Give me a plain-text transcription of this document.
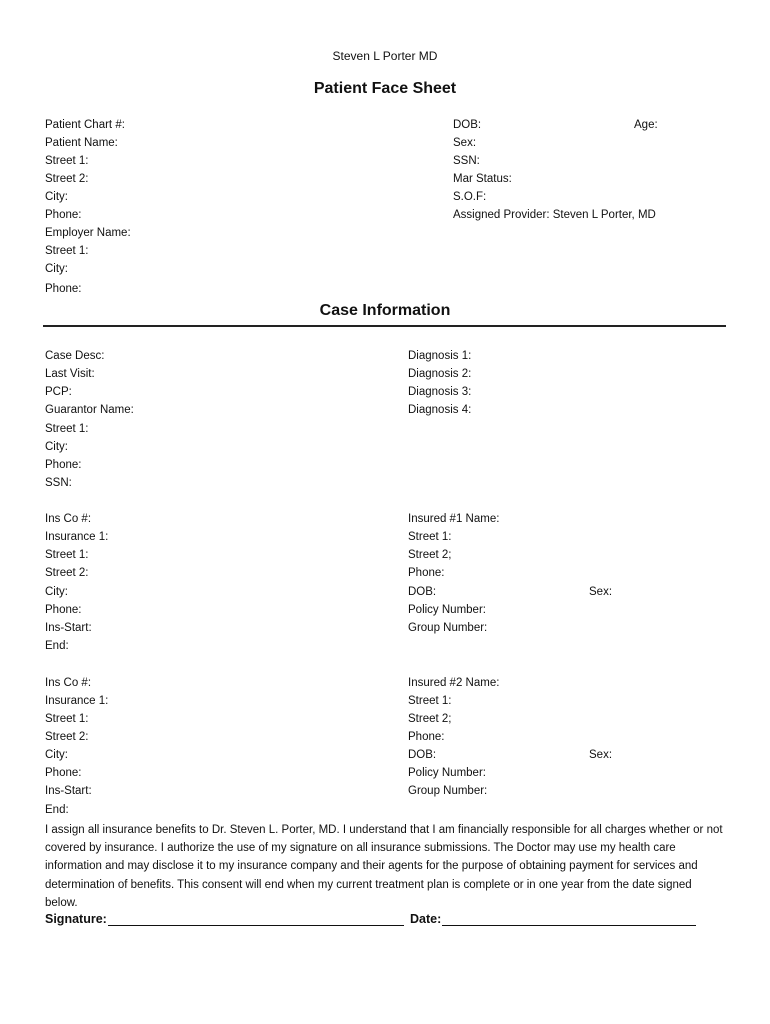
Steven L Porter MD
Patient Face Sheet
Patient Chart #:
Patient Name:
Street 1:
Street 2:
City:
Phone:
Employer Name:
Street 1:
City:
Phone:
DOB:	Age:
Sex:
SSN:
Mar Status:
S.O.F:
Assigned Provider: Steven L Porter, MD
Case Information
Case Desc:
Last Visit:
PCP:
Guarantor Name:
Street 1:
City:
Phone:
SSN:
Diagnosis 1:
Diagnosis 2:
Diagnosis 3:
Diagnosis 4:
Ins Co #:
Insurance 1:
Street 1:
Street 2:
City:
Phone:
Ins-Start:
End:
Insured #1 Name:
Street 1:
Street 2;
Phone:
DOB:	Sex:
Policy Number:
Group Number:
Ins Co #:
Insurance 1:
Street 1:
Street 2:
City:
Phone:
Ins-Start:
End:
Insured #2 Name:
Street 1:
Street 2;
Phone:
DOB:	Sex:
Policy Number:
Group Number:
I assign all insurance benefits to Dr. Steven L. Porter, MD. I understand that I am financially responsible for all charges whether or not covered by insurance. I authorize the use of my signature on all insurance submissions. The Doctor may use my health care information and may disclose it to my insurance company and their agents for the purpose of obtaining payment for services and determination of benefits. This consent will end when my current treatment plan is complete or in one year from the date signed below.
Signature:	Date:
